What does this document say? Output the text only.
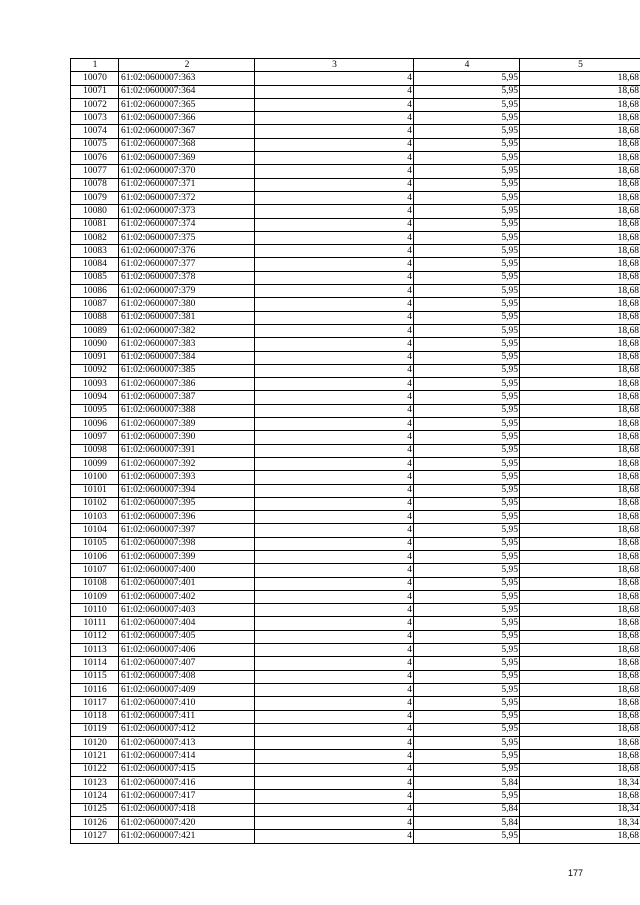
1	2	3	4	5
10070	61:02:0600007:363	4	5,95	18,68
10071	61:02:0600007:364	4	5,95	18,68
10072	61:02:0600007:365	4	5,95	18,68
10073	61:02:0600007:366	4	5,95	18,68
10074	61:02:0600007:367	4	5,95	18,68
10075	61:02:0600007:368	4	5,95	18,68
10076	61:02:0600007:369	4	5,95	18,68
10077	61:02:0600007:370	4	5,95	18,68
10078	61:02:0600007:371	4	5,95	18,68
10079	61:02:0600007:372	4	5,95	18,68
10080	61:02:0600007:373	4	5,95	18,68
10081	61:02:0600007:374	4	5,95	18,68
10082	61:02:0600007:375	4	5,95	18,68
10083	61:02:0600007:376	4	5,95	18,68
10084	61:02:0600007:377	4	5,95	18,68
10085	61:02:0600007:378	4	5,95	18,68
10086	61:02:0600007:379	4	5,95	18,68
10087	61:02:0600007:380	4	5,95	18,68
10088	61:02:0600007:381	4	5,95	18,68
10089	61:02:0600007:382	4	5,95	18,68
10090	61:02:0600007:383	4	5,95	18,68
10091	61:02:0600007:384	4	5,95	18,68
10092	61:02:0600007:385	4	5,95	18,68
10093	61:02:0600007:386	4	5,95	18,68
10094	61:02:0600007:387	4	5,95	18,68
10095	61:02:0600007:388	4	5,95	18,68
10096	61:02:0600007:389	4	5,95	18,68
10097	61:02:0600007:390	4	5,95	18,68
10098	61:02:0600007:391	4	5,95	18,68
10099	61:02:0600007:392	4	5,95	18,68
10100	61:02:0600007:393	4	5,95	18,68
10101	61:02:0600007:394	4	5,95	18,68
10102	61:02:0600007:395	4	5,95	18,68
10103	61:02:0600007:396	4	5,95	18,68
10104	61:02:0600007:397	4	5,95	18,68
10105	61:02:0600007:398	4	5,95	18,68
10106	61:02:0600007:399	4	5,95	18,68
10107	61:02:0600007:400	4	5,95	18,68
10108	61:02:0600007:401	4	5,95	18,68
10109	61:02:0600007:402	4	5,95	18,68
10110	61:02:0600007:403	4	5,95	18,68
10111	61:02:0600007:404	4	5,95	18,68
10112	61:02:0600007:405	4	5,95	18,68
10113	61:02:0600007:406	4	5,95	18,68
10114	61:02:0600007:407	4	5,95	18,68
10115	61:02:0600007:408	4	5,95	18,68
10116	61:02:0600007:409	4	5,95	18,68
10117	61:02:0600007:410	4	5,95	18,68
10118	61:02:0600007:411	4	5,95	18,68
10119	61:02:0600007:412	4	5,95	18,68
10120	61:02:0600007:413	4	5,95	18,68
10121	61:02:0600007:414	4	5,95	18,68
10122	61:02:0600007:415	4	5,95	18,68
10123	61:02:0600007:416	4	5,84	18,34
10124	61:02:0600007:417	4	5,95	18,68
10125	61:02:0600007:418	4	5,84	18,34
10126	61:02:0600007:420	4	5,84	18,34
10127	61:02:0600007:421	4	5,95	18,68
177
